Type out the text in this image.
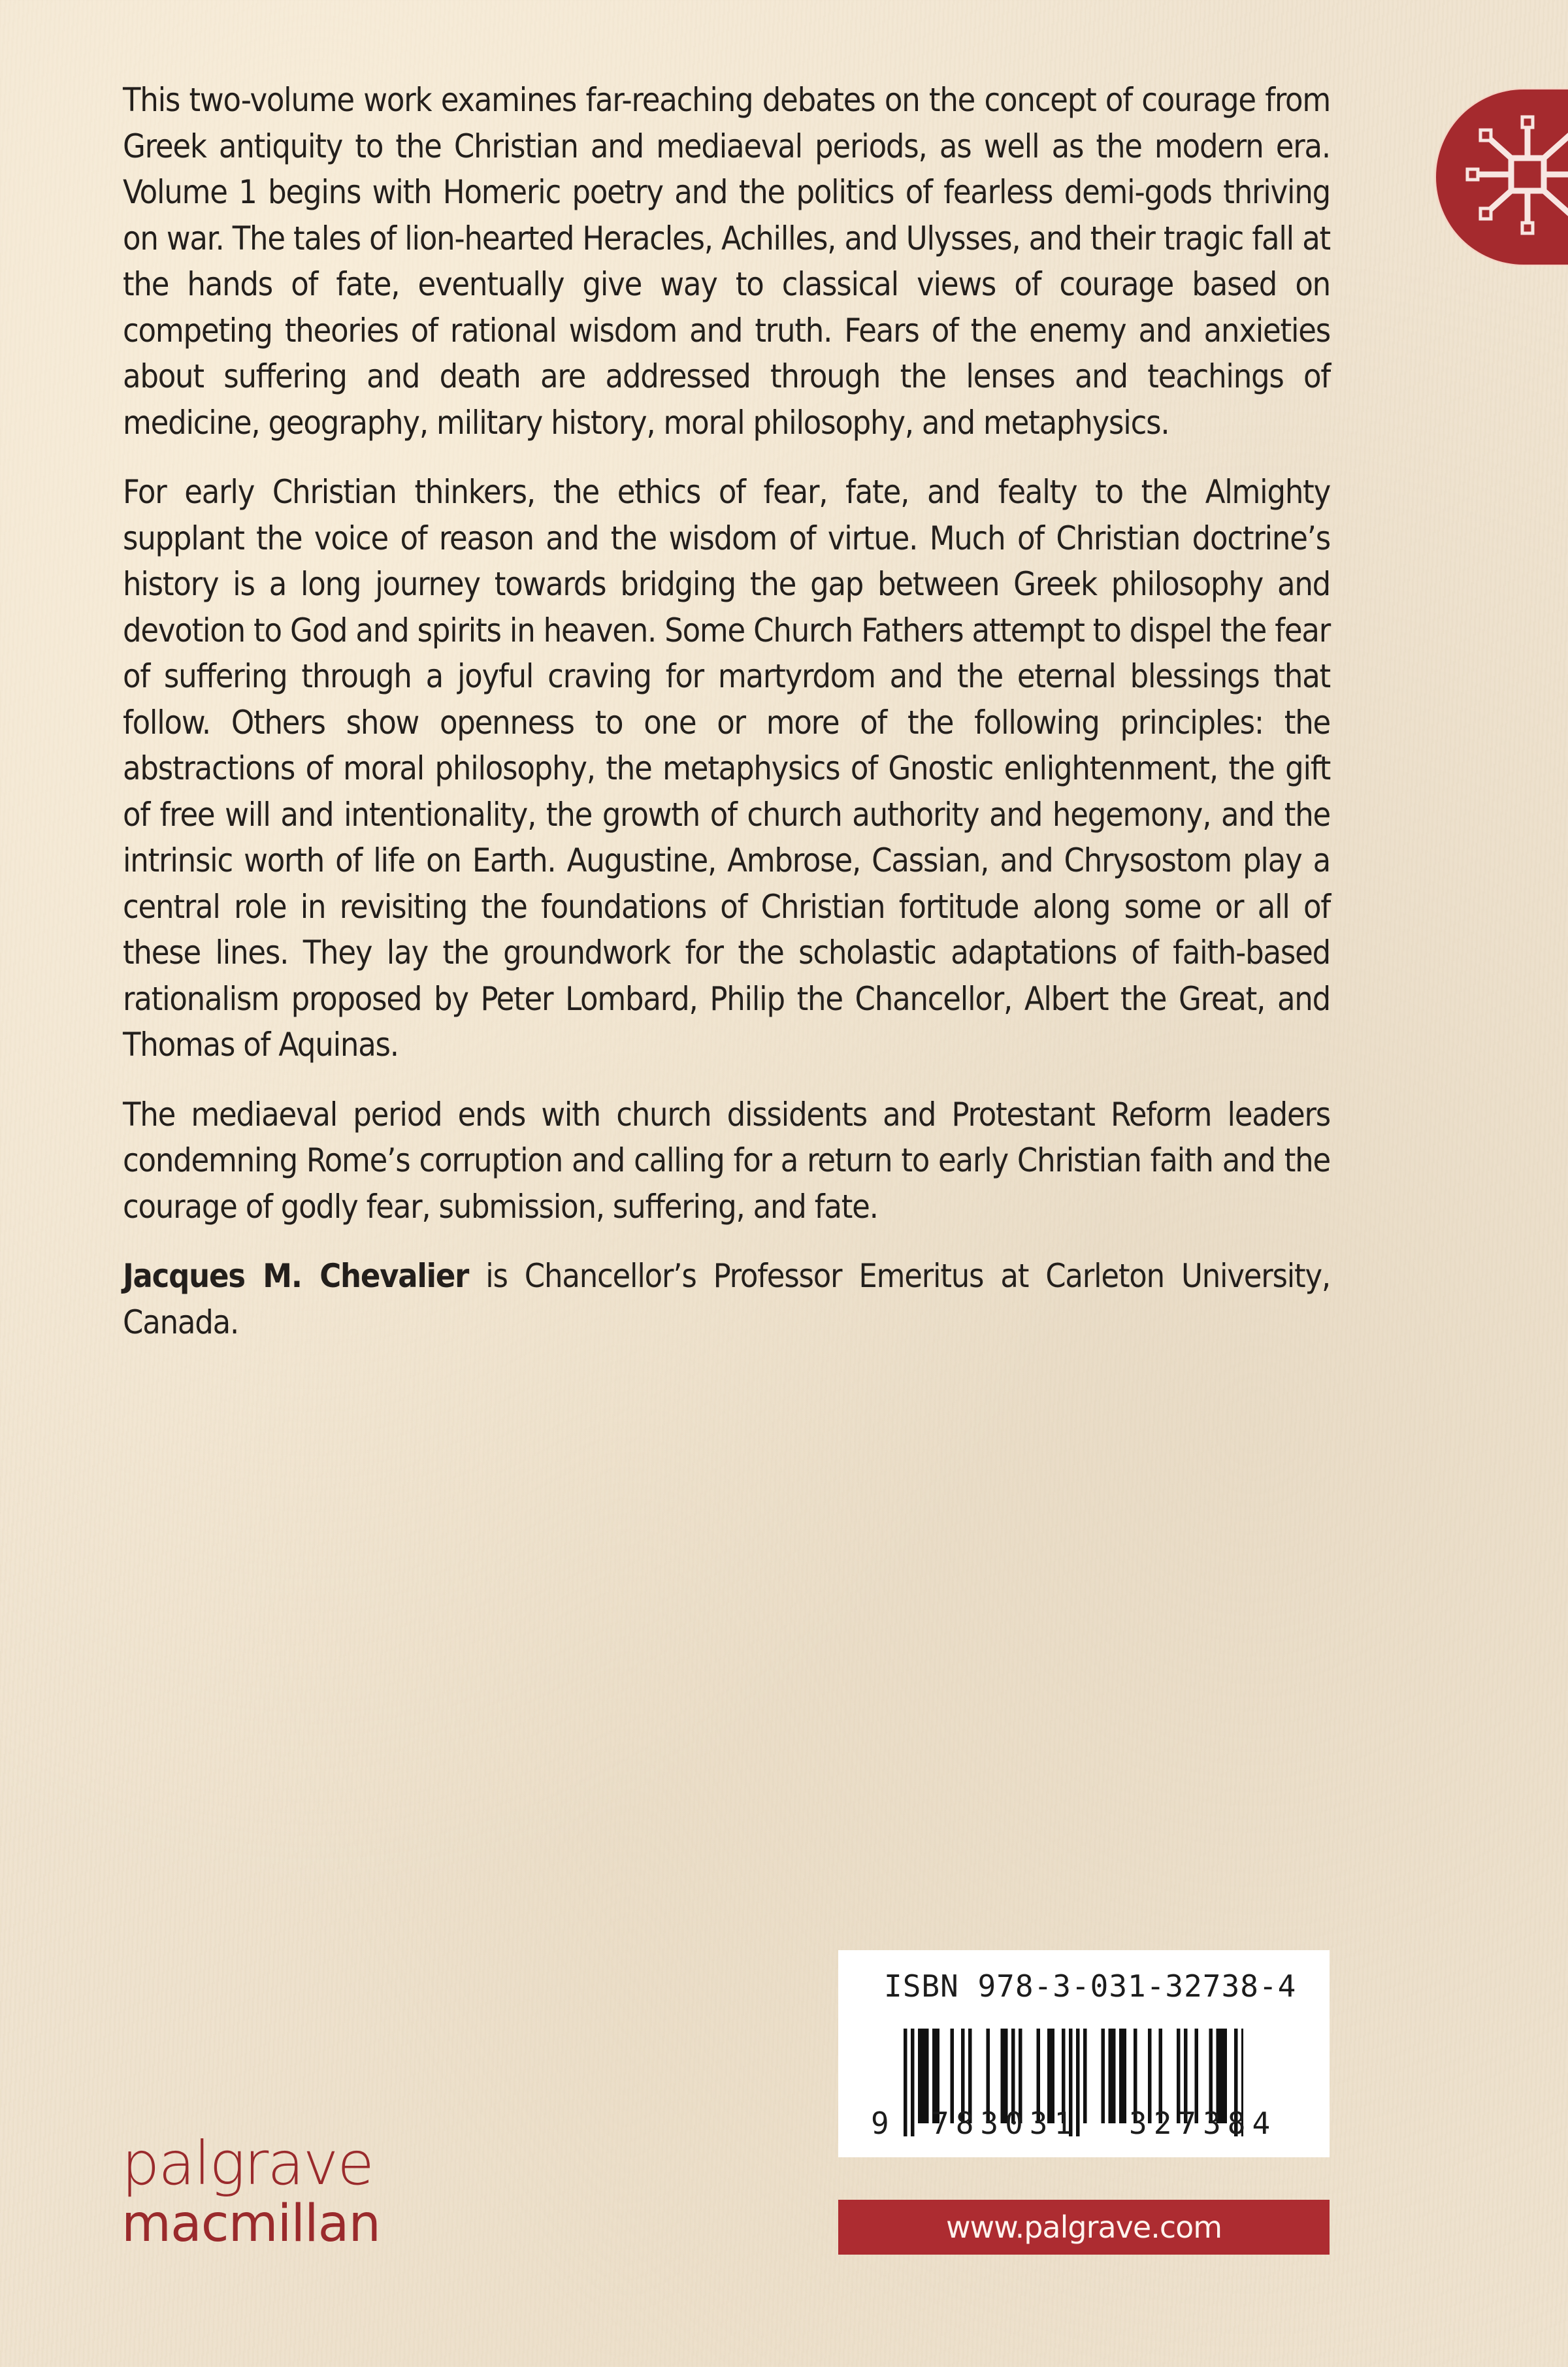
This two-volume work examines far-reaching debates on the concept of courage from Greek antiquity to the Christian and mediaeval periods, as well as the modern era. Volume 1 begins with Homeric poetry and the politics of fearless demi-gods thriving on war. The tales of lion-hearted Heracles, Achilles, and Ulysses, and their tragic fall at the hands of fate, eventually give way to classical views of courage based on competing theories of rational wisdom and truth. Fears of the enemy and anxieties about suffering and death are addressed through the lenses and teachings of medicine, geography, military history, moral philosophy, and metaphysics.

For early Christian thinkers, the ethics of fear, fate, and fealty to the Almighty supplant the voice of reason and the wisdom of virtue. Much of Christian doctrine’s history is a long journey towards bridging the gap between Greek philosophy and devotion to God and spirits in heaven. Some Church Fathers attempt to dispel the fear of suffering through a joyful craving for martyrdom and the eternal blessings that follow. Others show openness to one or more of the following principles: the abstractions of moral philosophy, the metaphysics of Gnostic enlightenment, the gift of free will and intentionality, the growth of church authority and hegemony, and the intrinsic worth of life on Earth. Augustine, Ambrose, Cassian, and Chrysostom play a central role in revisiting the foundations of Christian fortitude along some or all of these lines. They lay the groundwork for the scholastic adaptations of faith-based rationalism proposed by Peter Lombard, Philip the Chancellor, Albert the Great, and Thomas of Aquinas.

The mediaeval period ends with church dissidents and Protestant Reform leaders condemning Rome’s corruption and calling for a return to early Christian faith and the courage of godly fear, submission, suffering, and fate.

Jacques M. Chevalier is Chancellor’s Professor Emeritus at Carleton University, Canada.

ISBN 978-3-031-32738-4
9 783031 327384
www.palgrave.com
palgrave
macmillan
